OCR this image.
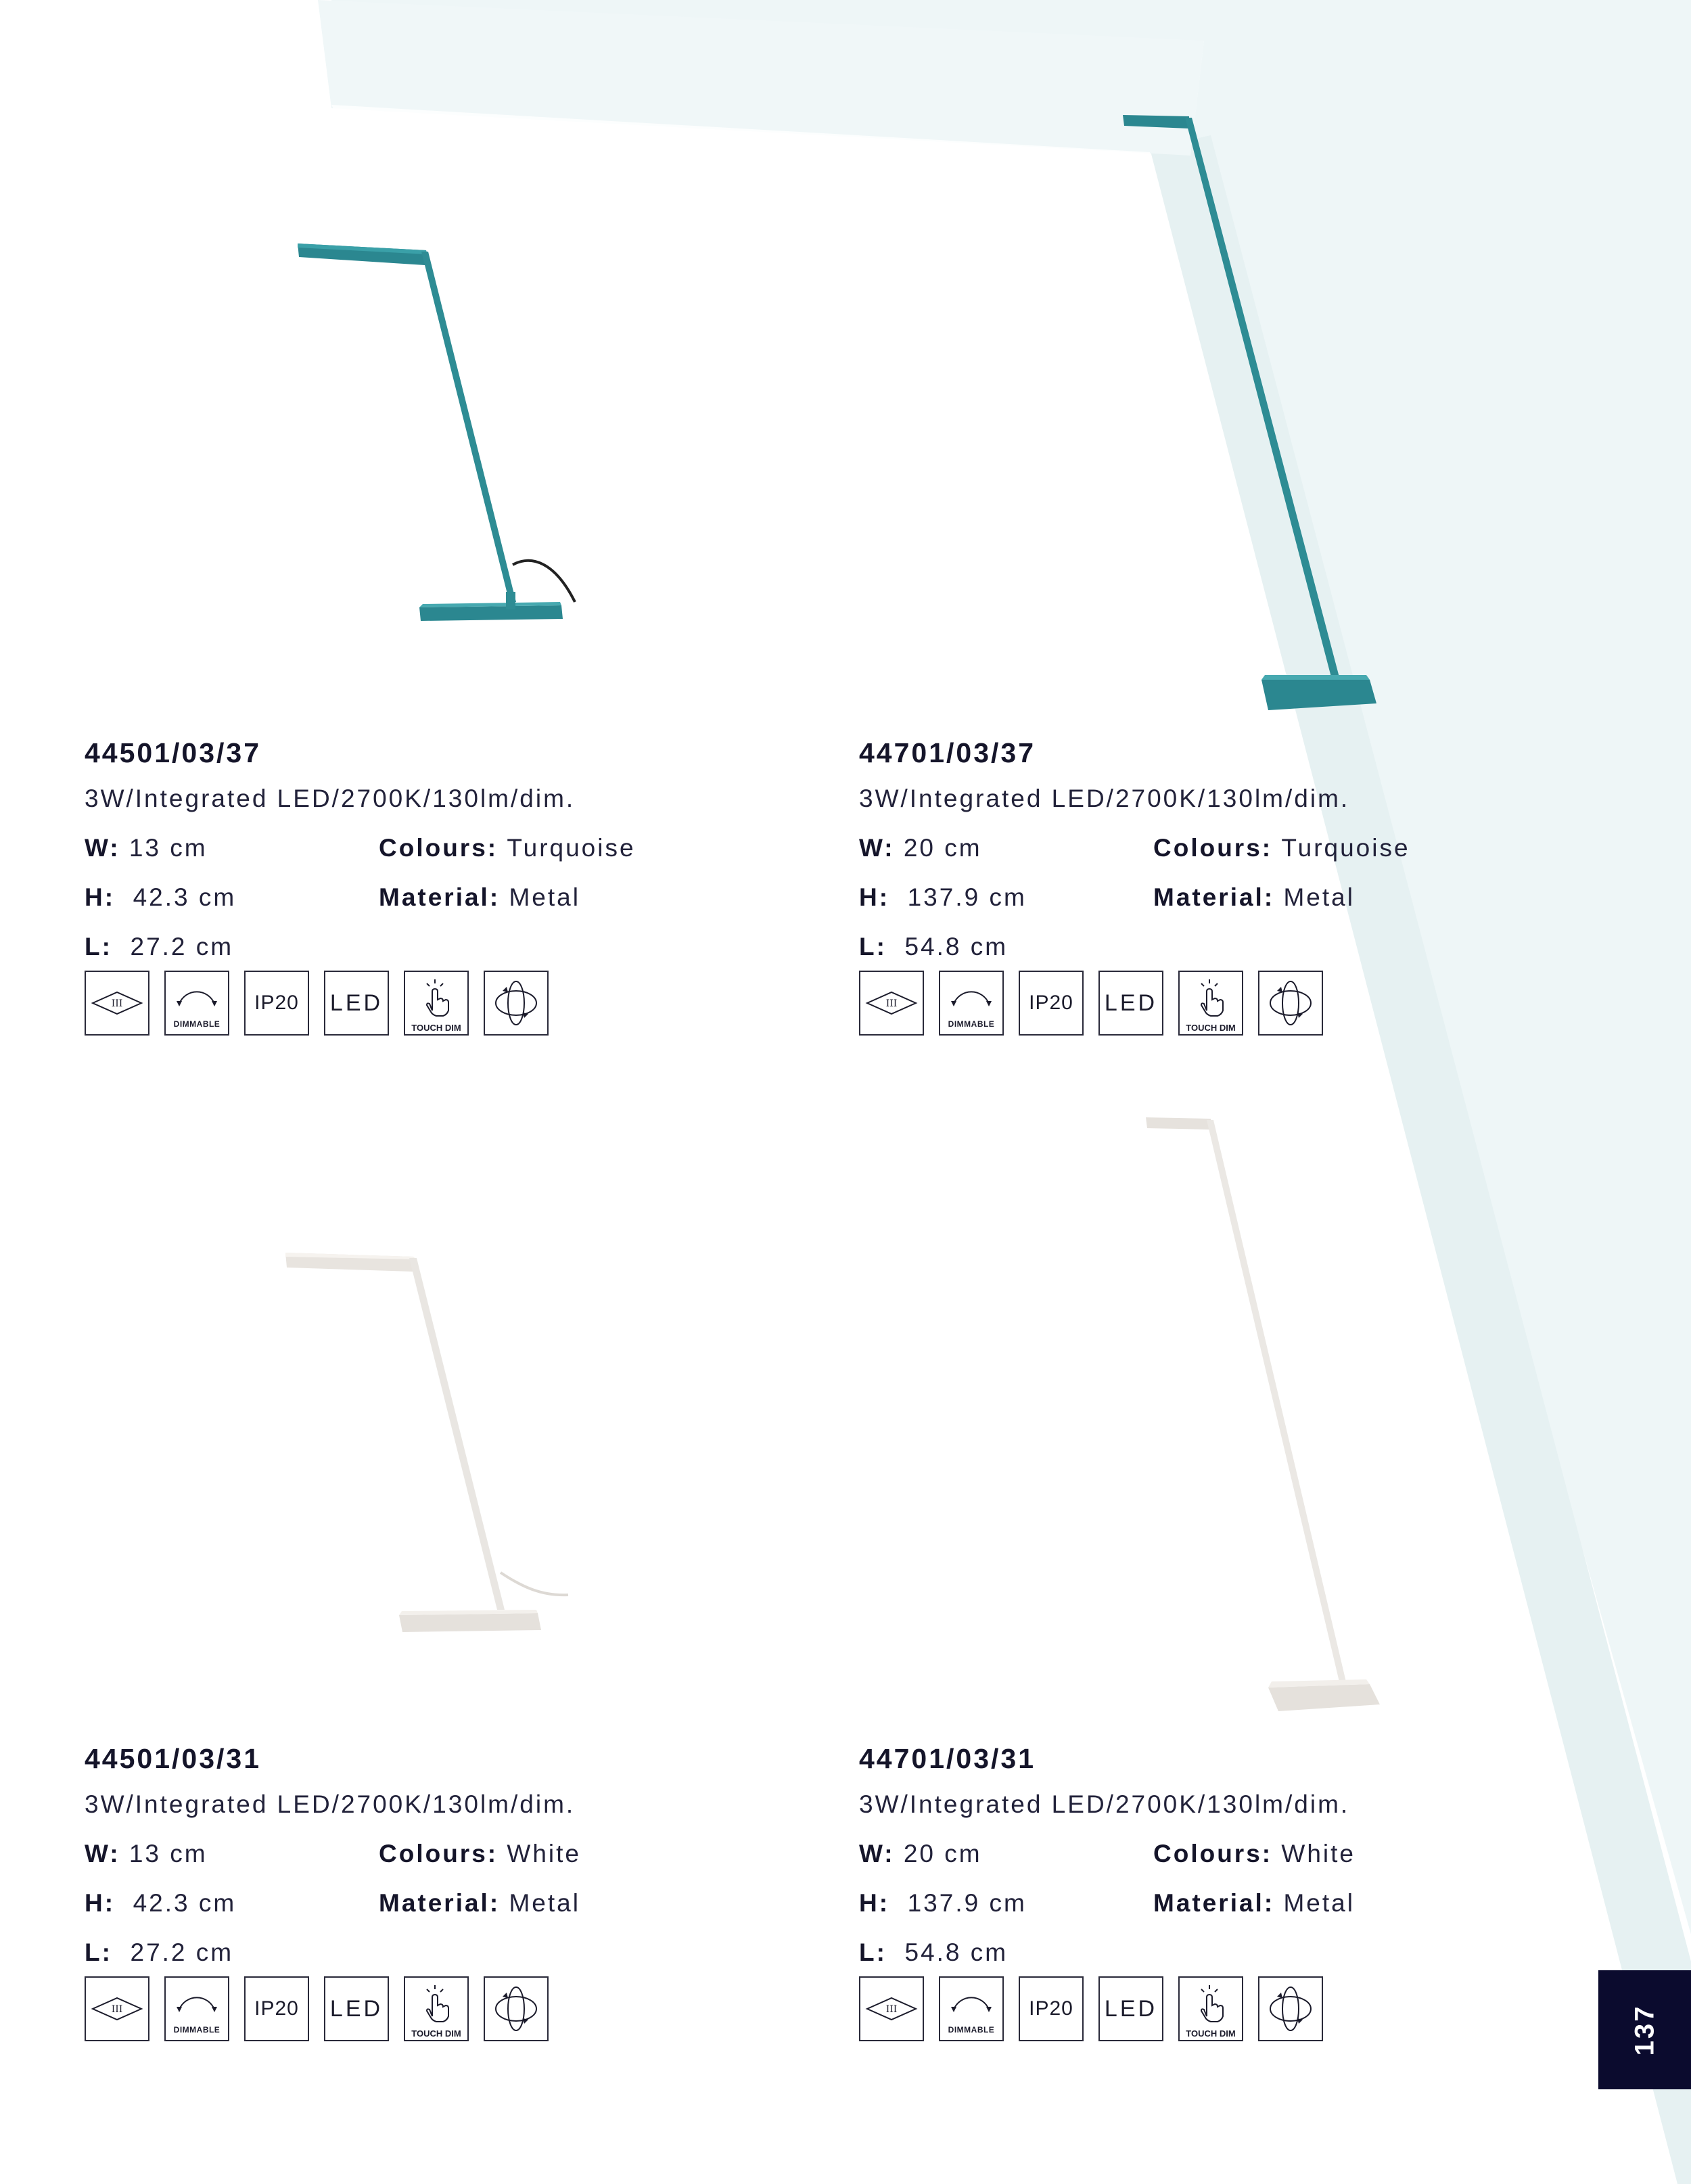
44501/03/37
3W/Integrated LED/2700K/130lm/dim.
W: 13 cm
H: 42.3 cm
L: 27.2 cm
Colours: Turquoise
Material: Metal
III
DIMMABLE
IP20 LED
TOUCH DIM
44701/03/37
3W/Integrated LED/2700K/130lm/dim.
W: 20 cm
H: 137.9 cm
L: 54.8 cm
Colours: Turquoise
Material: Metal
III
DIMMABLE
IP20 LED
TOUCH DIM
44501/03/31
3W/Integrated LED/2700K/130lm/dim.
W: 13 cm
H: 42.3 cm
L: 27.2 cm
Colours: White
Material: Metal
III
DIMMABLE
IP20 LED
TOUCH DIM
44701/03/31
3W/Integrated LED/2700K/130lm/dim.
W: 20 cm
H: 137.9 cm
L: 54.8 cm
Colours: White
Material: Metal
III
DIMMABLE
IP20 LED
TOUCH DIM	137
